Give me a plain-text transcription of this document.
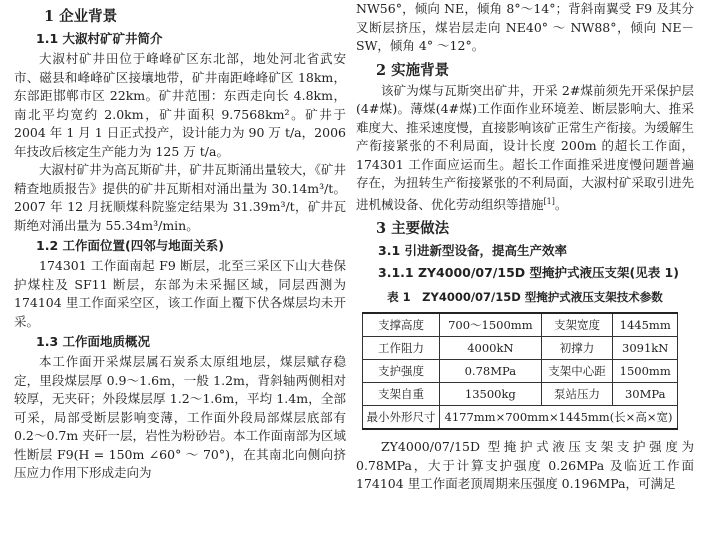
1 企业背景
1.1 大淑村矿矿井简介

大淑村矿井田位于峰峰矿区东北部，地处河北省武安市、磁县和峰峰矿区接壤地带，矿井南距峰峰矿区 18km，东部距邯郸市区 22km。矿井范围：东西走向长 4.8km，南北平均宽约 2.0km，矿井面积 9.7568km²。矿井于 2004 年 1 月 1 日正式投产，设计能力为 90 万 t/a，2006 年技改后核定生产能力为 125 万 t/a。

大淑村矿井为高瓦斯矿井，矿井瓦斯涌出量较大，《矿井精查地质报告》提供的矿井瓦斯相对涌出量为 30.14m³/t。2007 年 12 月抚顺煤科院鉴定结果为 31.39m³/t，矿井瓦斯绝对涌出量为 55.34m³/min。

1.2 工作面位置(四邻与地面关系)

174301 工作面南起 F9 断层，北至三采区下山大巷保护煤柱及 SF11 断层，东部为未采掘区域，同层西测为 174104 里工作面采空区，该工作面上覆下伏各煤层均未开采。

1.3 工作面地质概况

本工作面开采煤层属石炭系太原组地层，煤层赋存稳定，里段煤层厚 0.9～1.6m，一般 1.2m，背斜轴两侧相对较厚，无夹矸；外段煤层厚 1.2～1.6m，平均 1.4m，全部可采，局部受断层影响变薄，工作面外段局部煤层底部有 0.2～0.7m 夹矸一层，岩性为粉砂岩。本工作面南部为区域性断层 F9(H = 150m ∠60° ～ 70°)，在其南北向侧向挤压应力作用下形成走向为

NW56°，倾向 NE，倾角 8°～14°；背斜南翼受 F9 及其分叉断层挤压，煤岩层走向 NE40° ～ NW88°，倾向 NE－SW，倾角 4° ～12°。

2 实施背景

该矿为煤与瓦斯突出矿井，开采 2#煤前须先开采保护层(4#煤)。薄煤(4#煤)工作面作业环境差、断层影响大、推采难度大、推采速度慢，直接影响该矿正常生产衔接。为缓解生产衔接紧张的不利局面，设计长度 200m 的超长工作面，174301 工作面应运而生。超长工作面推采进度慢问题普遍存在，为扭转生产衔接紧张的不利局面，大淑村矿采取引进先进机械设备、优化劳动组织等措施[1]。

3 主要做法
3.1 引进新型设备，提高生产效率
3.1.1 ZY4000/07/15D 型掩护式液压支架(见表 1)
表 1　ZY4000/07/15D 型掩护式液压支架技术参数
支撑高度	700～1500mm	支架宽度	1445mm
工作阻力	4000kN	初撑力	3091kN
支护强度	0.78MPa	支架中心距	1500mm
支架自重	13500kg	泵站压力	30MPa
最小外形尺寸	4177mm×700mm×1445mm(长×高×宽)		

ZY4000/07/15D 型掩护式液压支架支护强度为 0.78MPa，大于计算支护强度 0.26MPa 及临近工作面 174104 里工作面老顶周期来压强度 0.196MPa，可满足
